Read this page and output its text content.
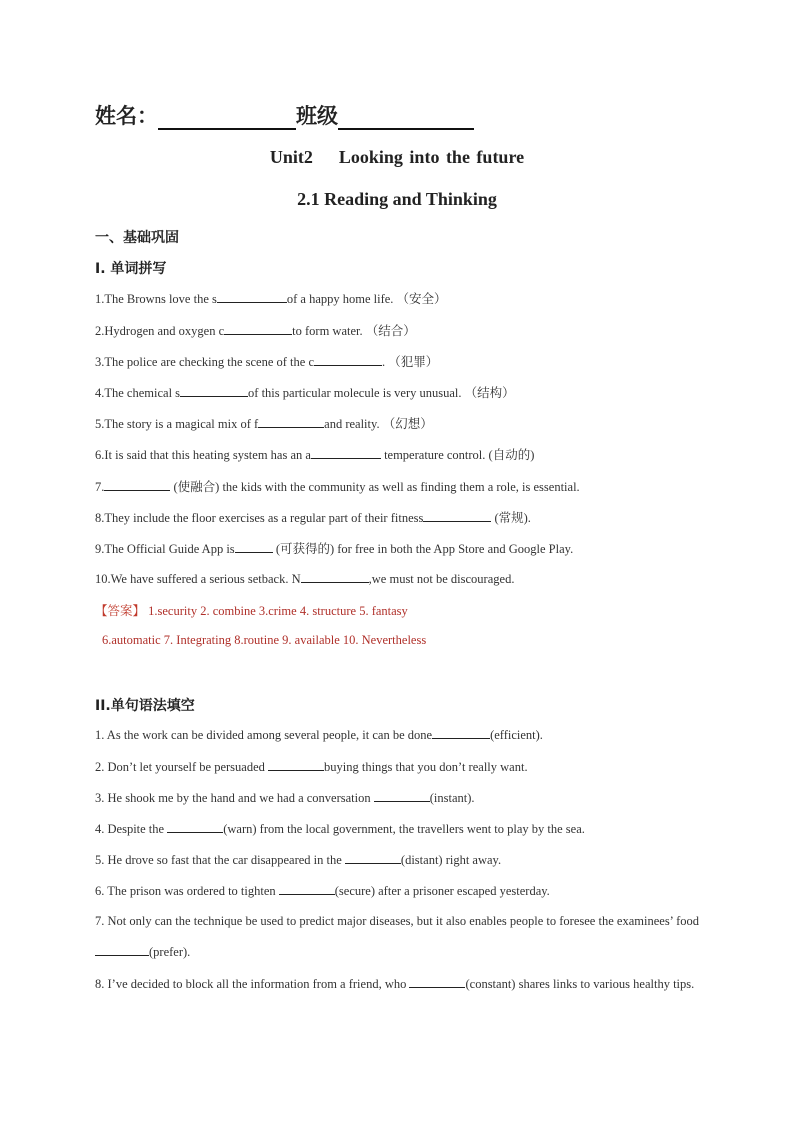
姓名：	班级
Unit2 Looking into the future
2.1 Reading and Thinking
一、基础巩固
I. 单词拼写
1.The Browns love the s	of a happy home life. （安全）
2.Hydrogen and oxygen c	to form water. （结合）
3.The police are checking the scene of the c	. （犯罪）
4.The chemical s	of this particular molecule is very unusual. （结构）
5.The story is a magical mix of f	and reality. （幻想）
6.It is said that this heating system has an a	temperature control. (自动的)
7.	(使融合) the kids with the community as well as finding them a role, is essential.
8.They include the floor exercises as a regular part of their fitness	(常规).
9.The Official Guide App is	(可获得的) for free in both the App Store and Google Play.
10.We have suffered a serious setback. N	,we must not be discouraged.
【答案】 1.security 2. combine 3.crime 4. structure 5. fantasy
6.automatic 7. Integrating 8.routine 9. available 10. Nevertheless
II.单句语法填空
1. As the work can be divided among several people, it can be done	(efficient).
2. Don’t let yourself be persuaded	buying things that you don’t really want.
3. He shook me by the hand and we had a conversation	(instant).
4. Despite the	(warn) from the local government, the travellers went to play by the sea.
5. He drove so fast that the car disappeared in the	(distant) right away.
6. The prison was ordered to tighten	(secure) after a prisoner escaped yesterday.
7. Not only can the technique be used to predict major diseases, but it also enables people to foresee the examinees’ food(prefer).
8. I’ve decided to block all the information from a friend, who	(constant) shares links to various healthy tips.
